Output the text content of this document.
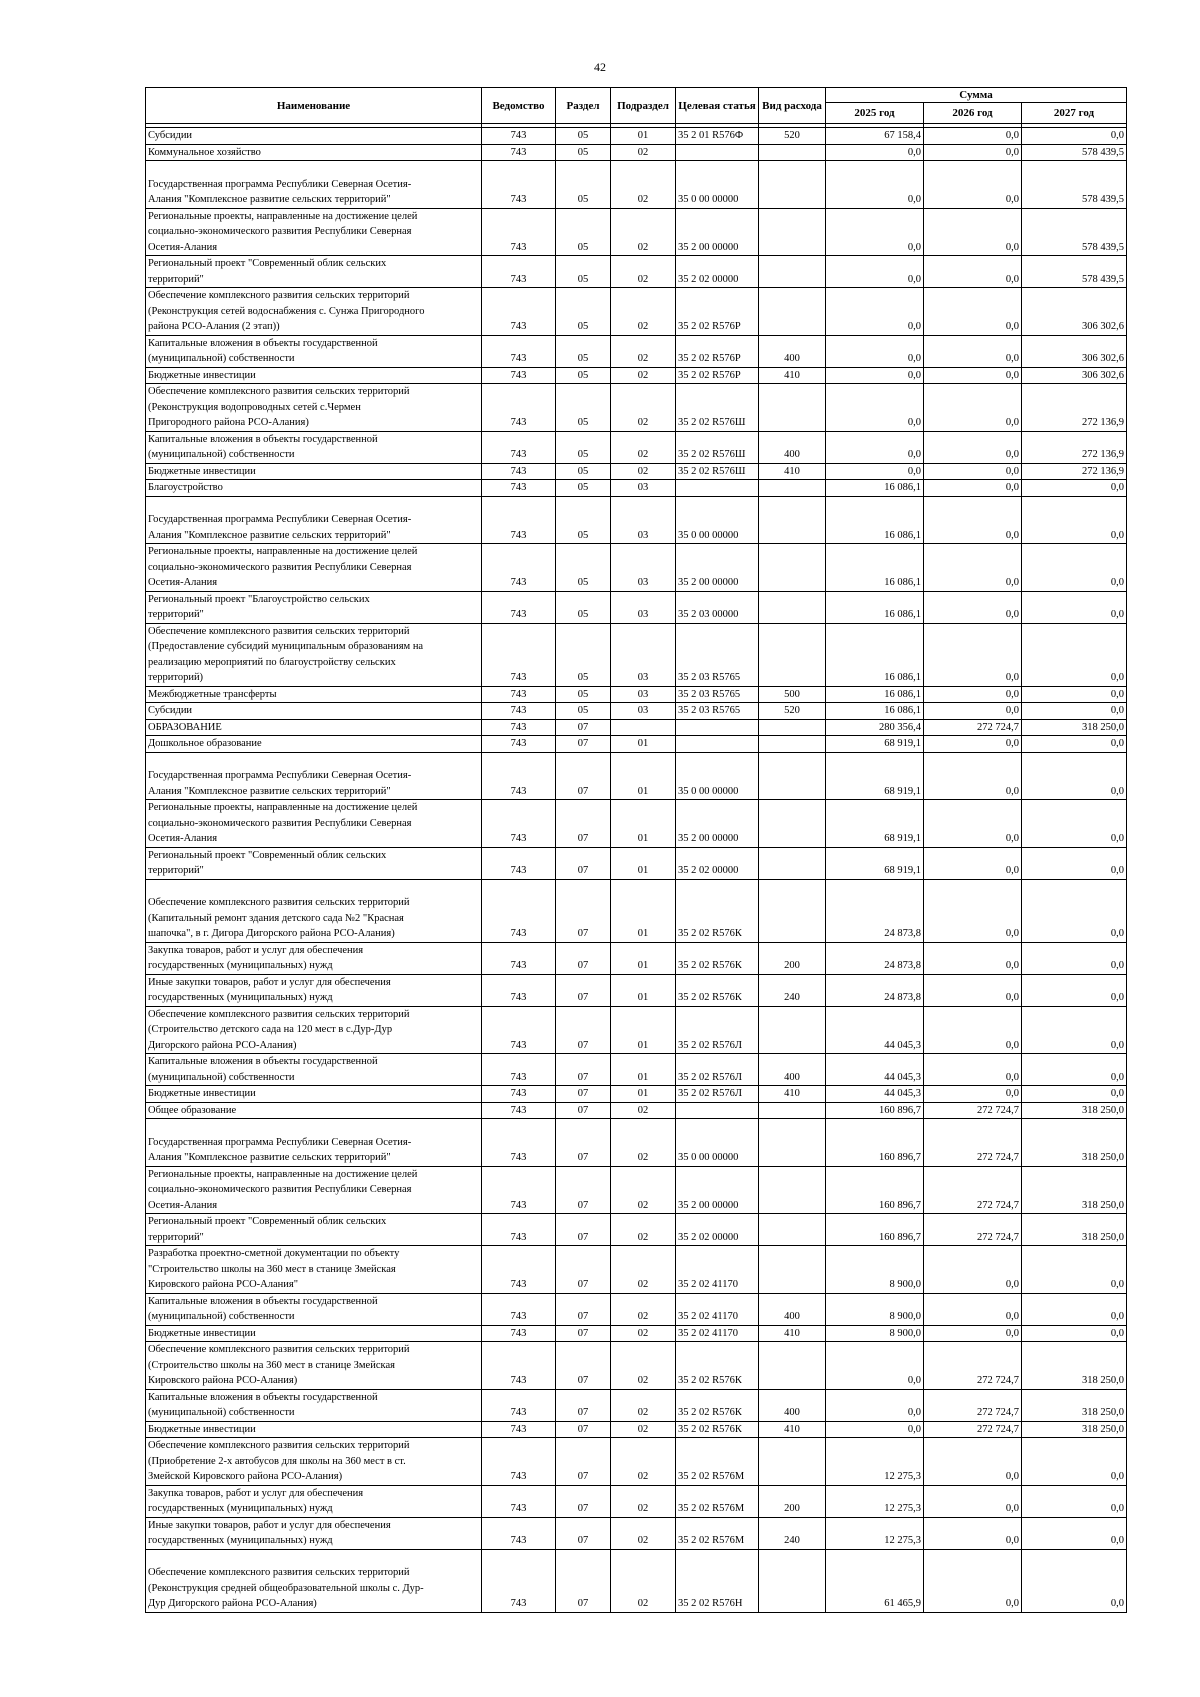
42
Наименование	Ведомство	Раздел	Подраздел	Целевая статья	Вид расхода	Сумма		
						2025 год	2026 год	2027 год

Субсидии	743	05	01	35 2 01 R576Ф	520	67 158,4	0,0	0,0
Коммунальное хозяйство	743	05	02			0,0	0,0	578 439,5

Государственная программа Республики Северная Осетия-
Алания "Комплексное развитие сельских территорий"	743	05	02	35 0 00 00000		0,0	0,0	578 439,5
Региональные проекты, направленные на достижение целей
социально-экономического развития Республики Северная
Осетия-Алания	743	05	02	35 2 00 00000		0,0	0,0	578 439,5
Региональный проект "Современный облик сельских
территорий"	743	05	02	35 2 02 00000		0,0	0,0	578 439,5
Обеспечение комплексного развития сельских территорий
(Реконструкция сетей водоснабжения с. Сунжа Пригородного
района РСО-Алания (2 этап))	743	05	02	35 2 02 R576Р		0,0	0,0	306 302,6
Капитальные вложения в объекты государственной
(муниципальной) собственности	743	05	02	35 2 02 R576Р	400	0,0	0,0	306 302,6
Бюджетные инвестиции	743	05	02	35 2 02 R576Р	410	0,0	0,0	306 302,6
Обеспечение комплексного развития сельских территорий
(Реконструкция водопроводных сетей с.Чермен
Пригородного района РСО-Алания)	743	05	02	35 2 02 R576Ш		0,0	0,0	272 136,9
Капитальные вложения в объекты государственной
(муниципальной) собственности	743	05	02	35 2 02 R576Ш	400	0,0	0,0	272 136,9
Бюджетные инвестиции	743	05	02	35 2 02 R576Ш	410	0,0	0,0	272 136,9
Благоустройство	743	05	03			16 086,1	0,0	0,0

Государственная программа Республики Северная Осетия-
Алания "Комплексное развитие сельских территорий"	743	05	03	35 0 00 00000		16 086,1	0,0	0,0
Региональные проекты, направленные на достижение целей
социально-экономического развития Республики Северная
Осетия-Алания	743	05	03	35 2 00 00000		16 086,1	0,0	0,0
Региональный проект "Благоустройство сельских
территорий"	743	05	03	35 2 03 00000		16 086,1	0,0	0,0
Обеспечение комплексного развития сельских территорий
(Предоставление субсидий муниципальным образованиям на
реализацию мероприятий по благоустройству сельских
территорий)	743	05	03	35 2 03 R5765		16 086,1	0,0	0,0
Межбюджетные трансферты	743	05	03	35 2 03 R5765	500	16 086,1	0,0	0,0
Субсидии	743	05	03	35 2 03 R5765	520	16 086,1	0,0	0,0
ОБРАЗОВАНИЕ	743	07				280 356,4	272 724,7	318 250,0
Дошкольное образование	743	07	01			68 919,1	0,0	0,0

Государственная программа Республики Северная Осетия-
Алания "Комплексное развитие сельских территорий"	743	07	01	35 0 00 00000		68 919,1	0,0	0,0
Региональные проекты, направленные на достижение целей
социально-экономического развития Республики Северная
Осетия-Алания	743	07	01	35 2 00 00000		68 919,1	0,0	0,0
Региональный проект "Современный облик сельских
территорий"	743	07	01	35 2 02 00000		68 919,1	0,0	0,0

Обеспечение комплексного развития сельских территорий
(Капитальный ремонт здания детского сада №2 "Красная
шапочка", в г. Дигора Дигорского района РСО-Алания)	743	07	01	35 2 02 R576К		24 873,8	0,0	0,0
Закупка товаров, работ и услуг для обеспечения
государственных (муниципальных) нужд	743	07	01	35 2 02 R576К	200	24 873,8	0,0	0,0
Иные закупки товаров, работ и услуг для обеспечения
государственных (муниципальных) нужд	743	07	01	35 2 02 R576К	240	24 873,8	0,0	0,0
Обеспечение комплексного развития сельских территорий
(Строительство детского сада на 120 мест в с.Дур-Дур
Дигорского района РСО-Алания)	743	07	01	35 2 02 R576Л		44 045,3	0,0	0,0
Капитальные вложения в объекты государственной
(муниципальной) собственности	743	07	01	35 2 02 R576Л	400	44 045,3	0,0	0,0
Бюджетные инвестиции	743	07	01	35 2 02 R576Л	410	44 045,3	0,0	0,0
Общее образование	743	07	02			160 896,7	272 724,7	318 250,0

Государственная программа Республики Северная Осетия-
Алания "Комплексное развитие сельских территорий"	743	07	02	35 0 00 00000		160 896,7	272 724,7	318 250,0
Региональные проекты, направленные на достижение целей
социально-экономического развития Республики Северная
Осетия-Алания	743	07	02	35 2 00 00000		160 896,7	272 724,7	318 250,0
Региональный проект "Современный облик сельских
территорий"	743	07	02	35 2 02 00000		160 896,7	272 724,7	318 250,0
Разработка проектно-сметной документации по объекту
"Строительство школы на 360 мест в станице Змейская
Кировского района РСО-Алания"	743	07	02	35 2 02 41170		8 900,0	0,0	0,0
Капитальные вложения в объекты государственной
(муниципальной) собственности	743	07	02	35 2 02 41170	400	8 900,0	0,0	0,0
Бюджетные инвестиции	743	07	02	35 2 02 41170	410	8 900,0	0,0	0,0
Обеспечение комплексного развития сельских территорий
(Строительство школы на 360 мест в станице Змейская
Кировского района РСО-Алания)	743	07	02	35 2 02 R576К		0,0	272 724,7	318 250,0
Капитальные вложения в объекты государственной
(муниципальной) собственности	743	07	02	35 2 02 R576К	400	0,0	272 724,7	318 250,0
Бюджетные инвестиции	743	07	02	35 2 02 R576К	410	0,0	272 724,7	318 250,0
Обеспечение комплексного развития сельских территорий
(Приобретение 2-х автобусов для школы на 360 мест в ст.
Змейской Кировского района РСО-Алания)	743	07	02	35 2 02 R576М		12 275,3	0,0	0,0
Закупка товаров, работ и услуг для обеспечения
государственных (муниципальных) нужд	743	07	02	35 2 02 R576М	200	12 275,3	0,0	0,0
Иные закупки товаров, работ и услуг для обеспечения
государственных (муниципальных) нужд	743	07	02	35 2 02 R576М	240	12 275,3	0,0	0,0

Обеспечение комплексного развития сельских территорий
(Реконструкция средней общеобразовательной школы с. Дур-
Дур Дигорского района РСО-Алания)	743	07	02	35 2 02 R576Н		61 465,9	0,0	0,0
